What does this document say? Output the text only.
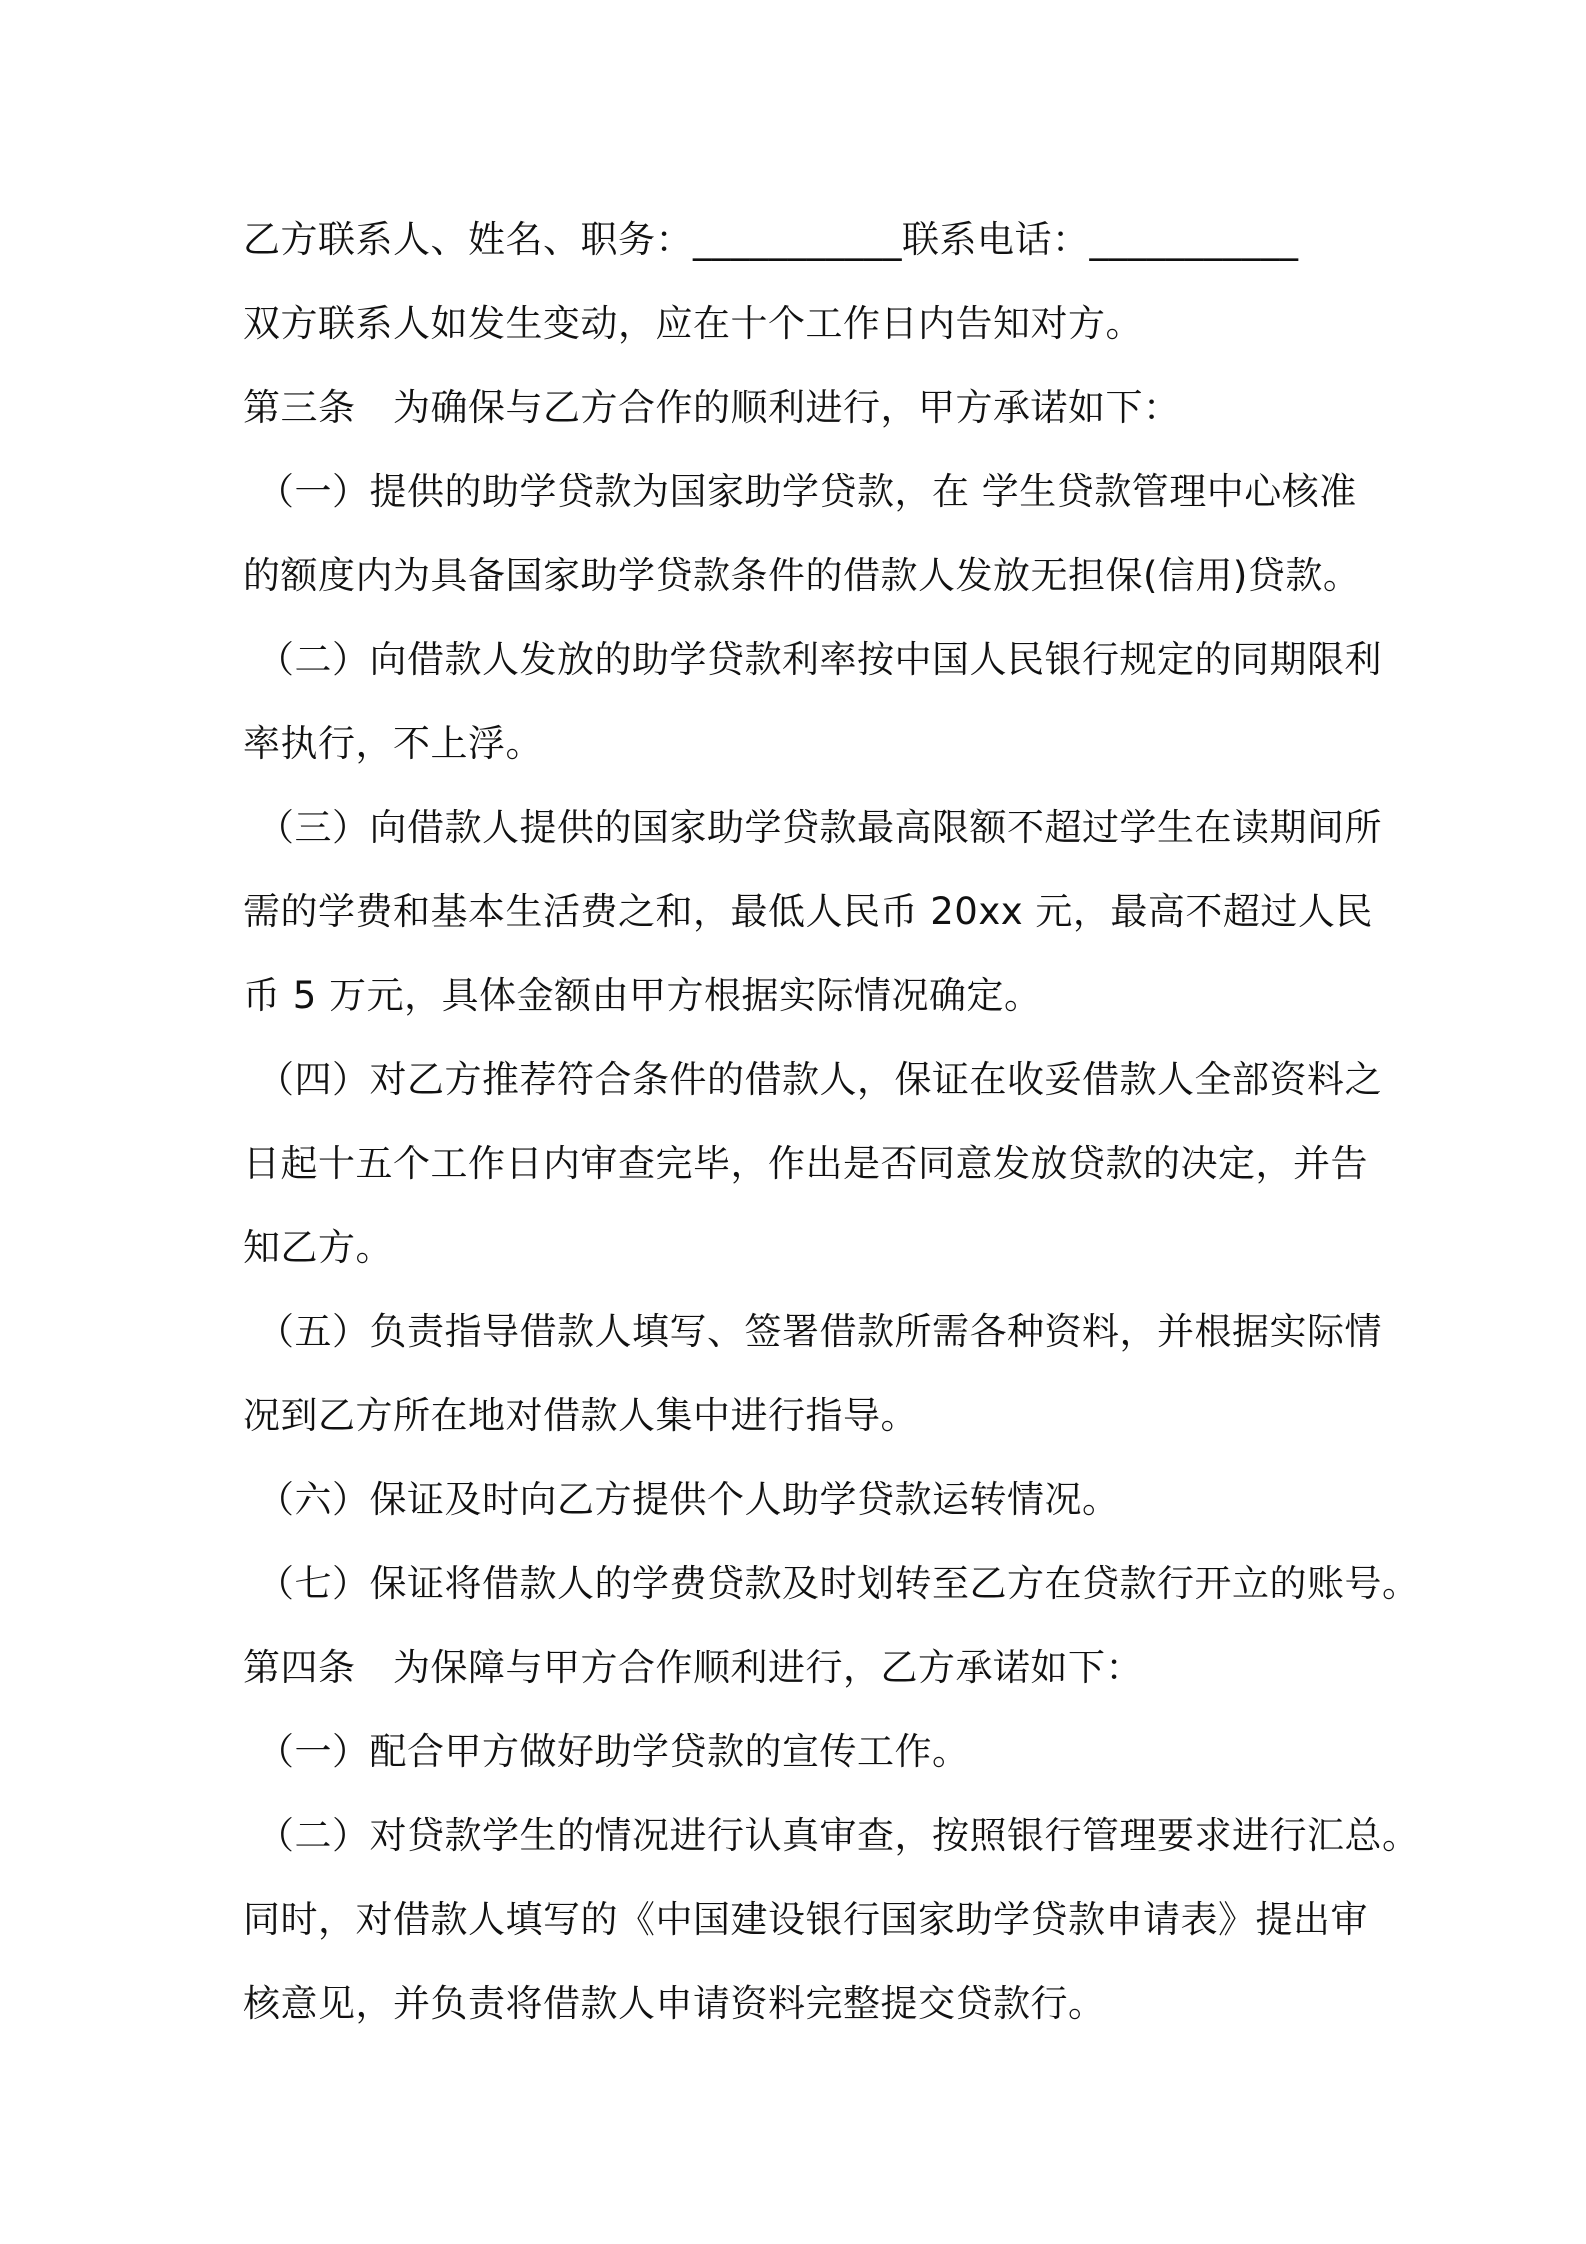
乙方联系人、姓名、职务：___________联系电话：___________
双方联系人如发生变动，应在十个工作日内告知对方。
第三条　为确保与乙方合作的顺利进行，甲方承诺如下：
（一）提供的助学贷款为国家助学贷款，在 学生贷款管理中心核准
的额度内为具备国家助学贷款条件的借款人发放无担保(信用)贷款。
（二）向借款人发放的助学贷款利率按中国人民银行规定的同期限利
率执行，不上浮。
（三）向借款人提供的国家助学贷款最高限额不超过学生在读期间所
需的学费和基本生活费之和，最低人民币 20xx 元，最高不超过人民
币 5 万元，具体金额由甲方根据实际情况确定。
（四）对乙方推荐符合条件的借款人，保证在收妥借款人全部资料之
日起十五个工作日内审查完毕，作出是否同意发放贷款的决定，并告
知乙方。
（五）负责指导借款人填写、签署借款所需各种资料，并根据实际情
况到乙方所在地对借款人集中进行指导。
（六）保证及时向乙方提供个人助学贷款运转情况。
（七）保证将借款人的学费贷款及时划转至乙方在贷款行开立的账号。
第四条　为保障与甲方合作顺利进行，乙方承诺如下：
（一）配合甲方做好助学贷款的宣传工作。
（二）对贷款学生的情况进行认真审查，按照银行管理要求进行汇总。
同时，对借款人填写的《中国建设银行国家助学贷款申请表》提出审
核意见，并负责将借款人申请资料完整提交贷款行。
